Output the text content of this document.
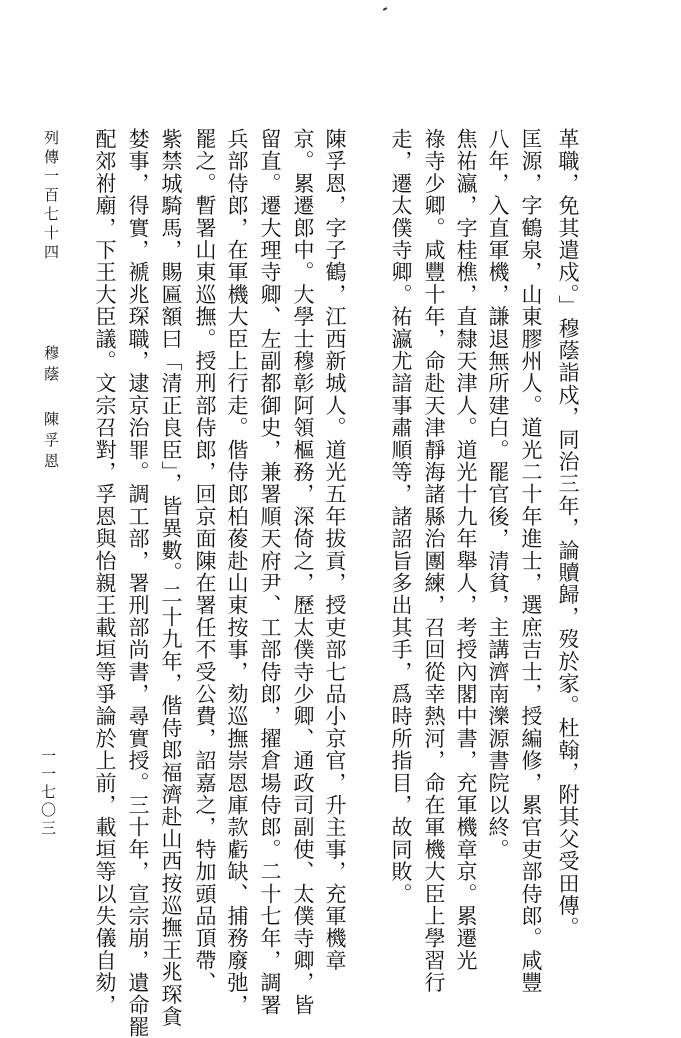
革職，免其遣戍。」穆蔭詣戍，同治三年，論贖歸，歿於家。杜翰，附其父受田傳。
匡源，字鶴泉，山東膠州人。道光二十年進士，選庶吉士，授編修，累官吏部侍郎。咸豐
八年，入直軍機，謙退無所建白。罷官後，清貧，主講濟南濼源書院以終。
焦祐瀛，字桂樵，直隸天津人。道光十九年舉人，考授內閣中書，充軍機章京。累遷光
祿寺少卿。咸豐十年，命赴天津靜海諸縣治團練，召回從幸熱河，命在軍機大臣上學習行
走，遷太僕寺卿。祐瀛尤諳事肅順等，諸詔旨多出其手，爲時所指目，故同敗。
陳孚恩，字子鶴，江西新城人。道光五年拔貢，授吏部七品小京官，升主事，充軍機章
京。累遷郎中。大學士穆彰阿領樞務，深倚之，歷太僕寺少卿、通政司副使、太僕寺卿，皆
留直。遷大理寺卿、左副都御史，兼署順天府尹、工部侍郎，擢倉場侍郎。二十七年，調署
兵部侍郎，在軍機大臣上行走。偕侍郎柏葰赴山東按事，劾巡撫崇恩庫款虧缺、捕務廢弛，
罷之。暫署山東巡撫。授刑部侍郎，回京面陳在署任不受公費，詔嘉之，特加頭品頂帶、
紫禁城騎馬，賜匾額曰「清正良臣」，皆異數。二十九年，偕侍郎福濟赴山西按巡撫王兆琛貪
婪事，得實，褫兆琛職，逮京治罪。調工部，署刑部尚書，尋實授。三十年，宣宗崩，遺命罷
配郊祔廟，下王大臣議。文宗召對，孚恩與怡親王載垣等爭論於上前，載垣等以失儀自劾，
列傳一百七十四
穆蔭 陳孚恩
一一七〇三
